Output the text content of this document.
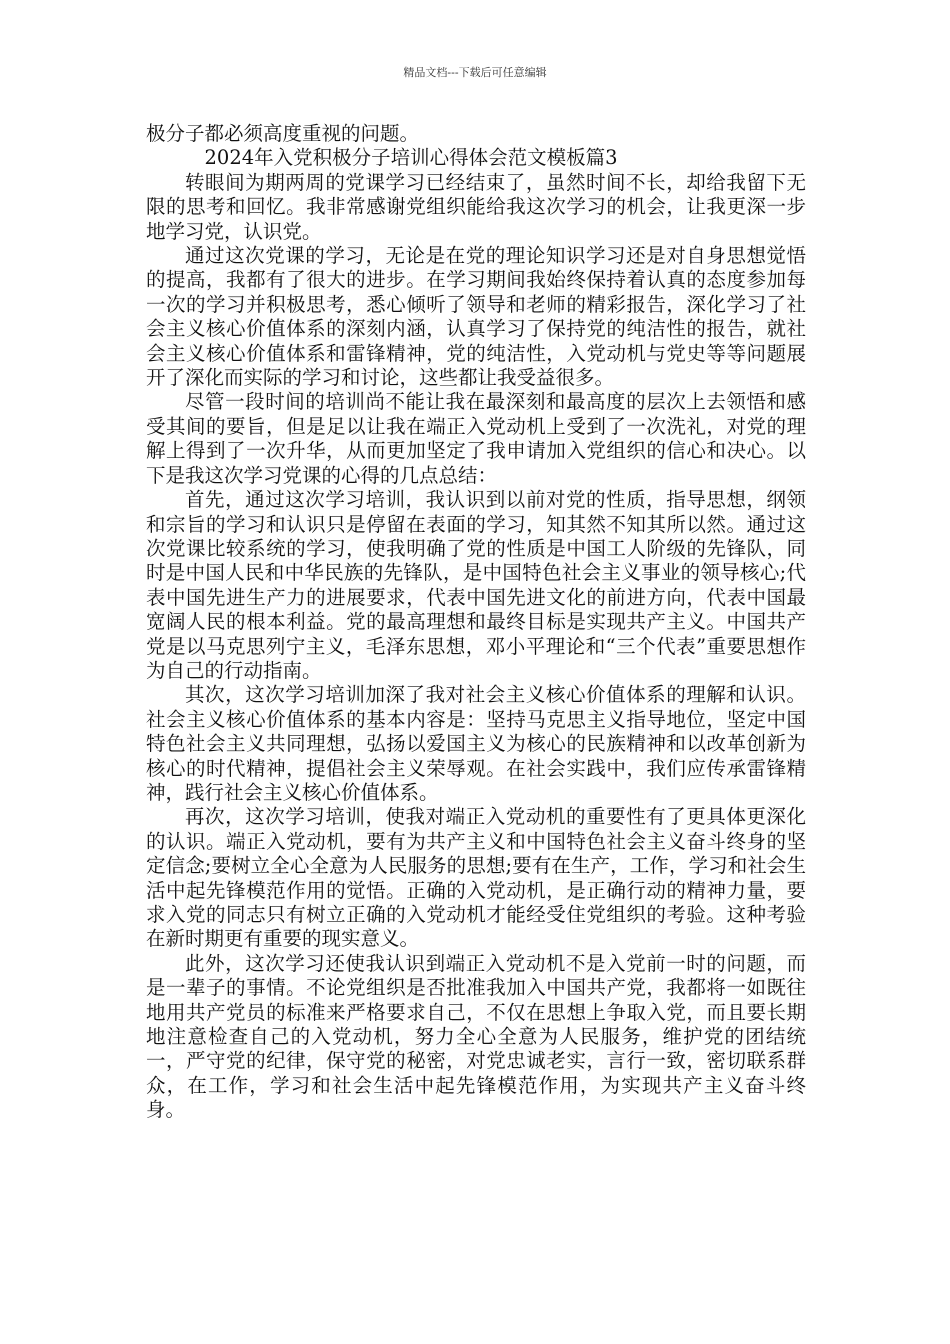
精品文档---下载后可任意编辑

极分子都必须高度重视的问题。

2024年入党积极分子培训心得体会范文模板篇3

转眼间为期两周的党课学习已经结束了，虽然时间不长，却给我留下无限的思考和回忆。我非常感谢党组织能给我这次学习的机会，让我更深一步地学习党，认识党。

通过这次党课的学习，无论是在党的理论知识学习还是对自身思想觉悟的提高，我都有了很大的进步。在学习期间我始终保持着认真的态度参加每一次的学习并积极思考，悉心倾听了领导和老师的精彩报告，深化学习了社会主义核心价值体系的深刻内涵，认真学习了保持党的纯洁性的报告，就社会主义核心价值体系和雷锋精神，党的纯洁性，入党动机与党史等等问题展开了深化而实际的学习和讨论，这些都让我受益很多。

尽管一段时间的培训尚不能让我在最深刻和最高度的层次上去领悟和感受其间的要旨，但是足以让我在端正入党动机上受到了一次洗礼，对党的理解上得到了一次升华，从而更加坚定了我申请加入党组织的信心和决心。以下是我这次学习党课的心得的几点总结：

首先，通过这次学习培训，我认识到以前对党的性质，指导思想，纲领和宗旨的学习和认识只是停留在表面的学习，知其然不知其所以然。通过这次党课比较系统的学习，使我明确了党的性质是中国工人阶级的先锋队，同时是中国人民和中华民族的先锋队，是中国特色社会主义事业的领导核心;代表中国先进生产力的进展要求，代表中国先进文化的前进方向，代表中国最宽阔人民的根本利益。党的最高理想和最终目标是实现共产主义。中国共产党是以马克思列宁主义，毛泽东思想，邓小平理论和“三个代表”重要思想作为自己的行动指南。

其次，这次学习培训加深了我对社会主义核心价值体系的理解和认识。社会主义核心价值体系的基本内容是：坚持马克思主义指导地位，坚定中国特色社会主义共同理想，弘扬以爱国主义为核心的民族精神和以改革创新为核心的时代精神，提倡社会主义荣辱观。在社会实践中，我们应传承雷锋精神，践行社会主义核心价值体系。

再次，这次学习培训，使我对端正入党动机的重要性有了更具体更深化的认识。端正入党动机，要有为共产主义和中国特色社会主义奋斗终身的坚定信念;要树立全心全意为人民服务的思想;要有在生产，工作，学习和社会生活中起先锋模范作用的觉悟。正确的入党动机，是正确行动的精神力量，要求入党的同志只有树立正确的入党动机才能经受住党组织的考验。这种考验在新时期更有重要的现实意义。

此外，这次学习还使我认识到端正入党动机不是入党前一时的问题，而是一辈子的事情。不论党组织是否批准我加入中国共产党，我都将一如既往地用共产党员的标准来严格要求自己，不仅在思想上争取入党，而且要长期地注意检查自己的入党动机，努力全心全意为人民服务，维护党的团结统一，严守党的纪律，保守党的秘密，对党忠诚老实，言行一致，密切联系群众，在工作，学习和社会生活中起先锋模范作用，为实现共产主义奋斗终身。
